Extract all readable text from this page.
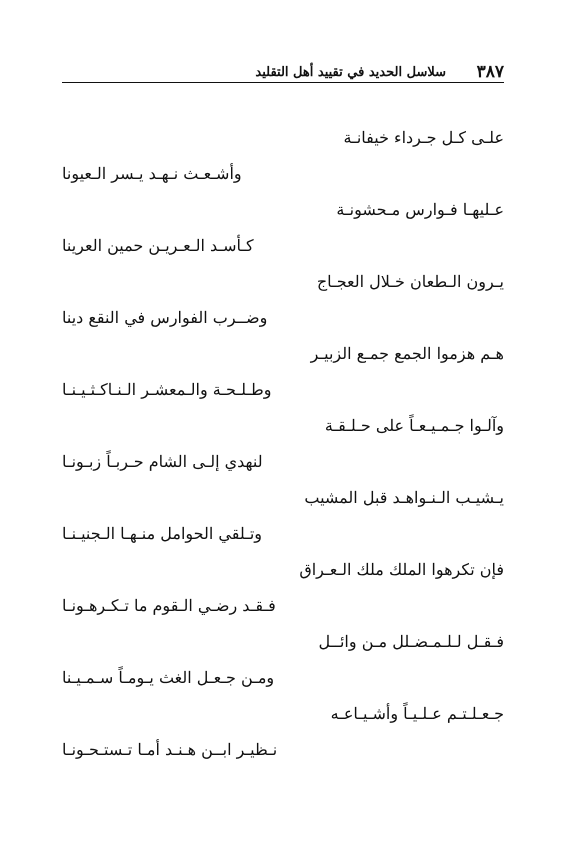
٣٨٧
سلاسل الحديد في تقييد أهل التقليد
علـى كـل جـرداء خيفانـة
وأشـعـث نـهـد يـسر الـعيونا
عـليهـا فـوارس مـحشونـة
كـأسـد الـعـريـن حمين العرينا
يـرون الـطعان خـلال العجـاج
وضــرب الفوارس في النقع دينا
هـم هزموا الجمع جمـع الزبيـر
وطـلـحـة والـمعشـر الـنـاكـثـيـنـا
وآلـوا جـمـيـعـاً على حـلـقـة
لنهدي إلـى الشام حـربـاً زبـونـا
يـشيـب الـنـواهـد قبل المشيب
وتـلقي الحوامل منـهـا الـجنيـنـا
فإن تكرهوا الملك ملك الـعـراق
فـقـد رضـي الـقوم ما تـكـرهـونـا
فـقـل لـلـمـضـلل مـن وائــل
ومـن جـعـل الغث يـومـاً سـمـيـنا
جـعـلـتـم عـلـيـاً وأشـيـاعـه
نـظيـر ابــن هـنـد أمـا تـستـحـونـا
